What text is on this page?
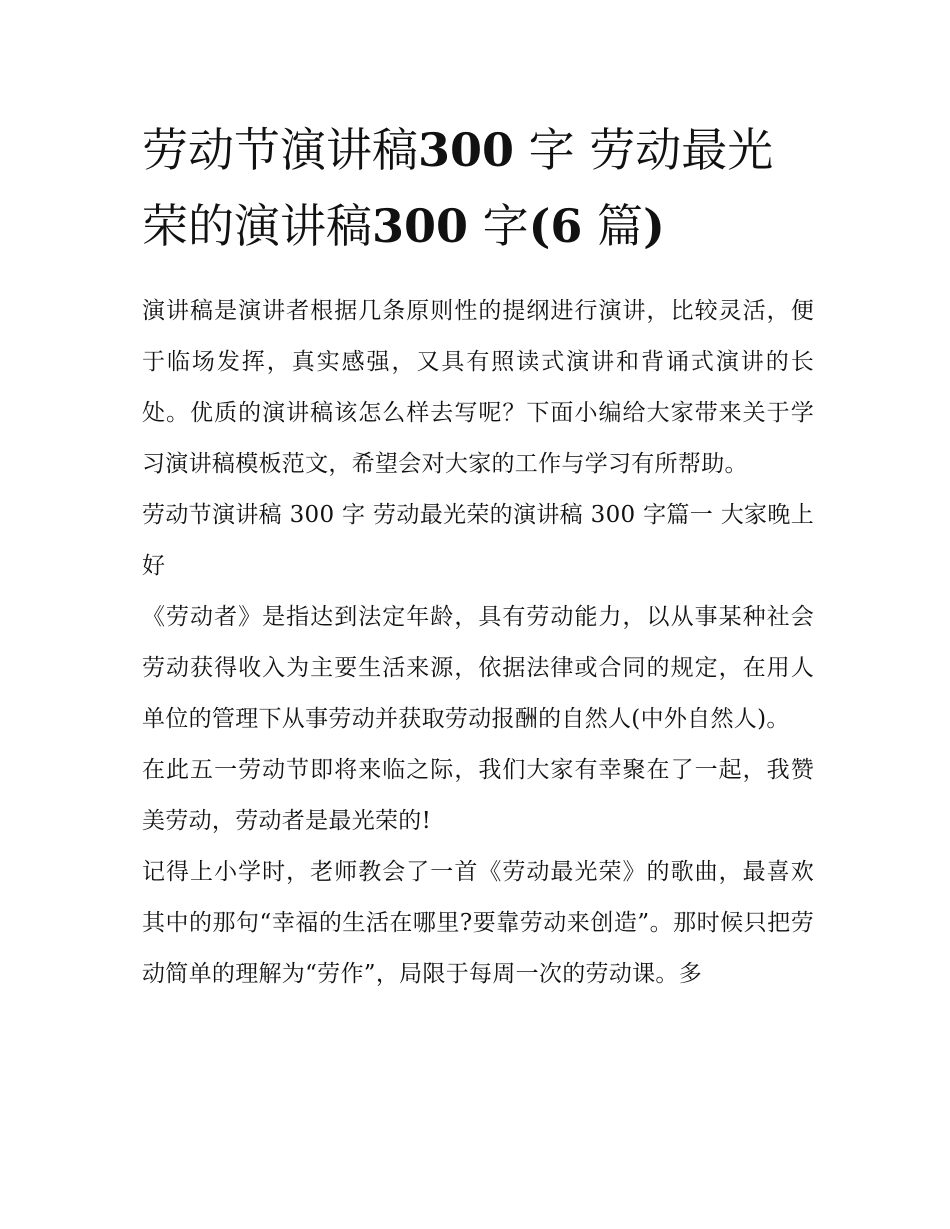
劳动节演讲稿300 字 劳动最光荣的演讲稿300 字(6 篇)

演讲稿是演讲者根据几条原则性的提纲进行演讲，比较灵活，便于临场发挥，真实感强，又具有照读式演讲和背诵式演讲的长处。优质的演讲稿该怎么样去写呢？下面小编给大家带来关于学习演讲稿模板范文，希望会对大家的工作与学习有所帮助。

劳动节演讲稿 300 字 劳动最光荣的演讲稿 300 字篇一 大家晚上好

《劳动者》是指达到法定年龄，具有劳动能力，以从事某种社会劳动获得收入为主要生活来源，依据法律或合同的规定，在用人单位的管理下从事劳动并获取劳动报酬的自然人(中外自然人)。

在此五一劳动节即将来临之际，我们大家有幸聚在了一起，我赞美劳动，劳动者是最光荣的!

记得上小学时，老师教会了一首《劳动最光荣》的歌曲，最喜欢其中的那句“幸福的生活在哪里?要靠劳动来创造”。那时候只把劳动简单的理解为“劳作”，局限于每周一次的劳动课。多
